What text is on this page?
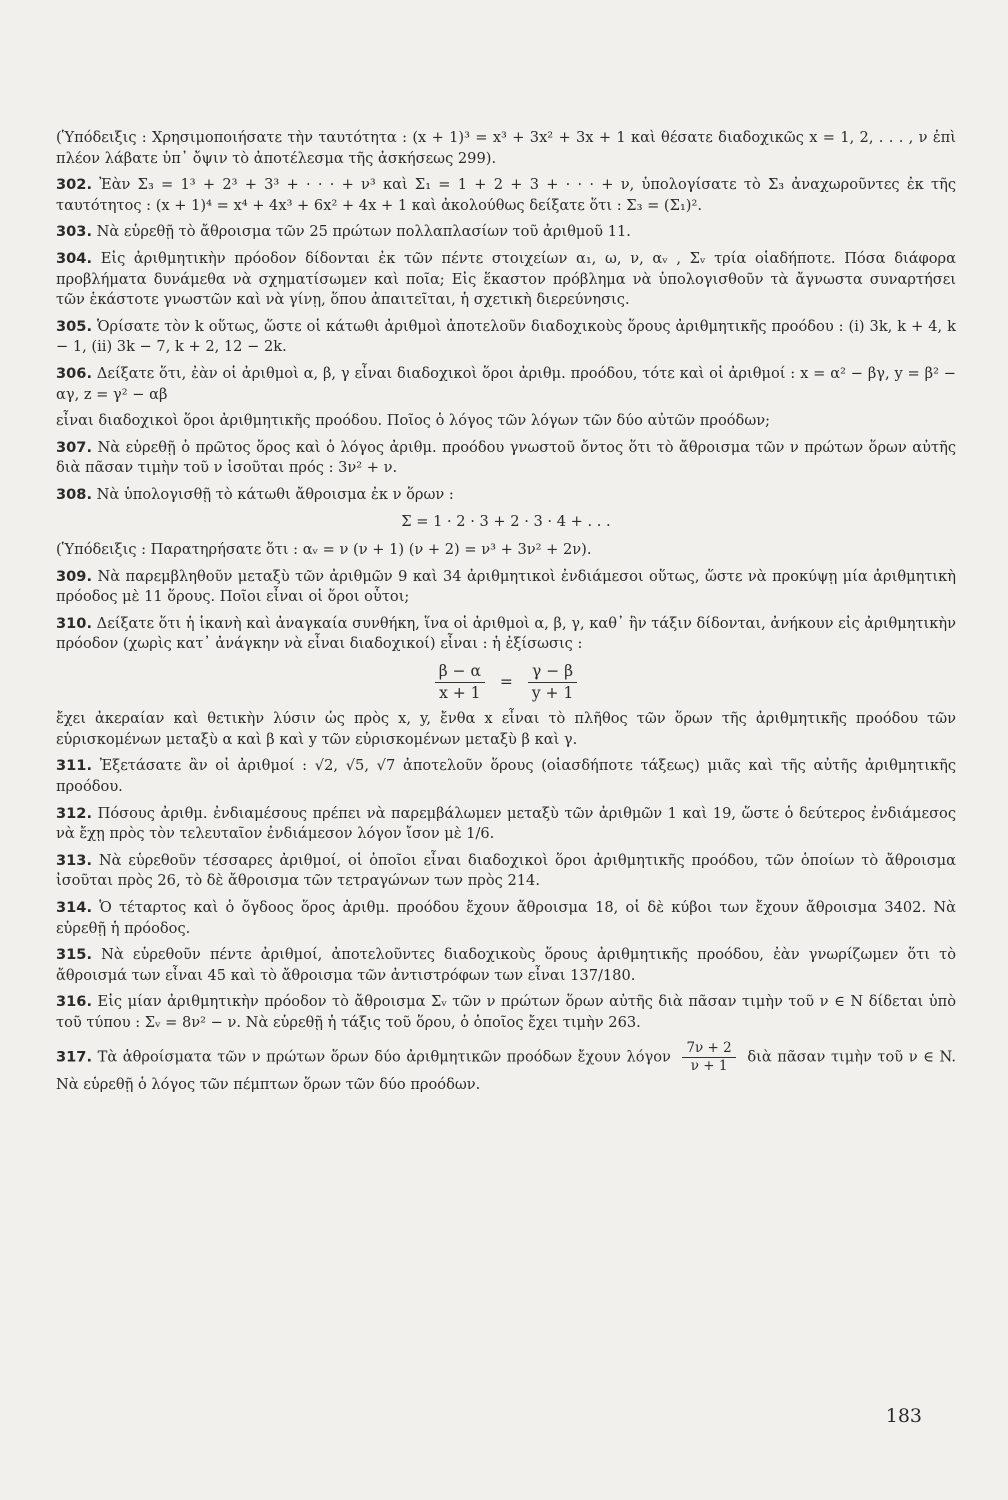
(Ὑπόδειξις : Χρησιμοποιήσατε τὴν ταυτότητα : (x + 1)³ = x³ + 3x² + 3x + 1 καὶ θέσατε διαδοχικῶς x = 1, 2, . . . , ν ἐπὶ πλέον λάβατε ὑπ᾽ ὄψιν τὸ ἀποτέλεσμα τῆς ἀσκήσεως 299).

302. Ἐὰν Σ₃ = 1³ + 2³ + 3³ + · · · + ν³ καὶ Σ₁ = 1 + 2 + 3 + · · · + ν, ὑπολογίσατε τὸ Σ₃ ἀναχωροῦντες ἐκ τῆς ταυτότητος : (x + 1)⁴ = x⁴ + 4x³ + 6x² + 4x + 1 καὶ ἀκολούθως δείξατε ὅτι : Σ₃ = (Σ₁)².

303. Νὰ εὑρεθῇ τὸ ἄθροισμα τῶν 25 πρώτων πολλαπλασίων τοῦ ἀριθμοῦ 11.

304. Εἰς ἀριθμητικὴν πρόοδον δίδονται ἐκ τῶν πέντε στοιχείων α₁, ω, ν, αᵥ , Σᵥ τρία οἱαδήποτε. Πόσα διάφορα προβλήματα δυνάμεθα νὰ σχηματίσωμεν καὶ ποῖα; Εἰς ἕκαστον πρόβλημα νὰ ὑπολογισθοῦν τὰ ἄγνωστα συναρτήσει τῶν ἑκάστοτε γνωστῶν καὶ νὰ γίνῃ, ὅπου ἀπαιτεῖται, ἡ σχετικὴ διερεύνησις.

305. Ὁρίσατε τὸν k οὕτως, ὥστε οἱ κάτωθι ἀριθμοὶ ἀποτελοῦν διαδοχικοὺς ὅρους ἀριθμητικῆς προόδου : (i) 3k, k + 4, k − 1, (ii) 3k − 7, k + 2, 12 − 2k.

306. Δείξατε ὅτι, ἐὰν οἱ ἀριθμοὶ α, β, γ εἶναι διαδοχικοὶ ὅροι ἀριθμ. προόδου, τότε καὶ οἱ ἀριθμοί : x = α² − βγ, y = β² − αγ, z = γ² − αβ

εἶναι διαδοχικοὶ ὅροι ἀριθμητικῆς προόδου. Ποῖος ὁ λόγος τῶν λόγων τῶν δύο αὐτῶν προόδων;

307. Νὰ εὑρεθῇ ὁ πρῶτος ὅρος καὶ ὁ λόγος ἀριθμ. προόδου γνωστοῦ ὄντος ὅτι τὸ ἄθροισμα τῶν ν πρώτων ὅρων αὐτῆς διὰ πᾶσαν τιμὴν τοῦ ν ἰσοῦται πρός : 3ν² + ν.

308. Νὰ ὑπολογισθῇ τὸ κάτωθι ἄθροισμα ἐκ ν ὅρων :

Σ = 1 · 2 · 3 + 2 · 3 · 4 + . . .

(Ὑπόδειξις : Παρατηρήσατε ὅτι : αᵥ = ν (ν + 1) (ν + 2) = ν³ + 3ν² + 2ν).

309. Νὰ παρεμβληθοῦν μεταξὺ τῶν ἀριθμῶν 9 καὶ 34 ἀριθμητικοὶ ἐνδιάμεσοι οὕτως, ὥστε νὰ προκύψῃ μία ἀριθμητικὴ πρόοδος μὲ 11 ὅρους. Ποῖοι εἶναι οἱ ὅροι οὗτοι;

310. Δείξατε ὅτι ἡ ἱκανὴ καὶ ἀναγκαία συνθήκη, ἵνα οἱ ἀριθμοὶ α, β, γ, καθ᾽ ἣν τάξιν δίδονται, ἀνήκουν εἰς ἀριθμητικὴν πρόοδον (χωρὶς κατ᾽ ἀνάγκην νὰ εἶναι διαδοχικοί) εἶναι : ἡ ἐξίσωσις :

$\frac{\beta - \alpha}{x + 1} = \frac{\gamma - \beta}{y + 1}$

ἔχει ἀκεραίαν καὶ θετικὴν λύσιν ὡς πρὸς x, y, ἔνθα x εἶναι τὸ πλῆθος τῶν ὅρων τῆς ἀριθμητικῆς προόδου τῶν εὑρισκομένων μεταξὺ α καὶ β καὶ y τῶν εὑρισκομένων μεταξὺ β καὶ γ.

311. Ἐξετάσατε ἂν οἱ ἀριθμοί : √2, √5, √7 ἀποτελοῦν ὅρους (οἱασδήποτε τάξεως) μιᾶς καὶ τῆς αὐτῆς ἀριθμητικῆς προόδου.

312. Πόσους ἀριθμ. ἐνδιαμέσους πρέπει νὰ παρεμβάλωμεν μεταξὺ τῶν ἀριθμῶν 1 καὶ 19, ὥστε ὁ δεύτερος ἐνδιάμεσος νὰ ἔχῃ πρὸς τὸν τελευταῖον ἐνδιάμεσον λόγον ἴσον μὲ 1/6.

313. Νὰ εὑρεθοῦν τέσσαρες ἀριθμοί, οἱ ὁποῖοι εἶναι διαδοχικοὶ ὅροι ἀριθμητικῆς προόδου, τῶν ὁποίων τὸ ἄθροισμα ἰσοῦται πρὸς 26, τὸ δὲ ἄθροισμα τῶν τετραγώνων των πρὸς 214.

314. Ὁ τέταρτος καὶ ὁ ὄγδοος ὅρος ἀριθμ. προόδου ἔχουν ἄθροισμα 18, οἱ δὲ κύβοι των ἔχουν ἄθροισμα 3402. Νὰ εὑρεθῇ ἡ πρόοδος.

315. Νὰ εὑρεθοῦν πέντε ἀριθμοί, ἀποτελοῦντες διαδοχικοὺς ὅρους ἀριθμητικῆς προόδου, ἐὰν γνωρίζωμεν ὅτι τὸ ἄθροισμά των εἶναι 45 καὶ τὸ ἄθροισμα τῶν ἀντιστρόφων των εἶναι 137/180.

316. Εἰς μίαν ἀριθμητικὴν πρόοδον τὸ ἄθροισμα Σᵥ τῶν ν πρώτων ὅρων αὐτῆς διὰ πᾶσαν τιμὴν τοῦ ν ∈ N δίδεται ὑπὸ τοῦ τύπου : Σᵥ = 8ν² − ν. Νὰ εὑρεθῇ ἡ τάξις τοῦ ὅρου, ὁ ὁποῖος ἔχει τιμὴν 263.

317. Τὰ ἀθροίσματα τῶν ν πρώτων ὅρων δύο ἀριθμητικῶν προόδων ἔχουν λόγον $\frac{7\nu + 2}{\nu + 1}$ διὰ πᾶσαν τιμὴν τοῦ ν ∈ N. Νὰ εὑρεθῇ ὁ λόγος τῶν πέμπτων ὅρων τῶν δύο προόδων.

183
